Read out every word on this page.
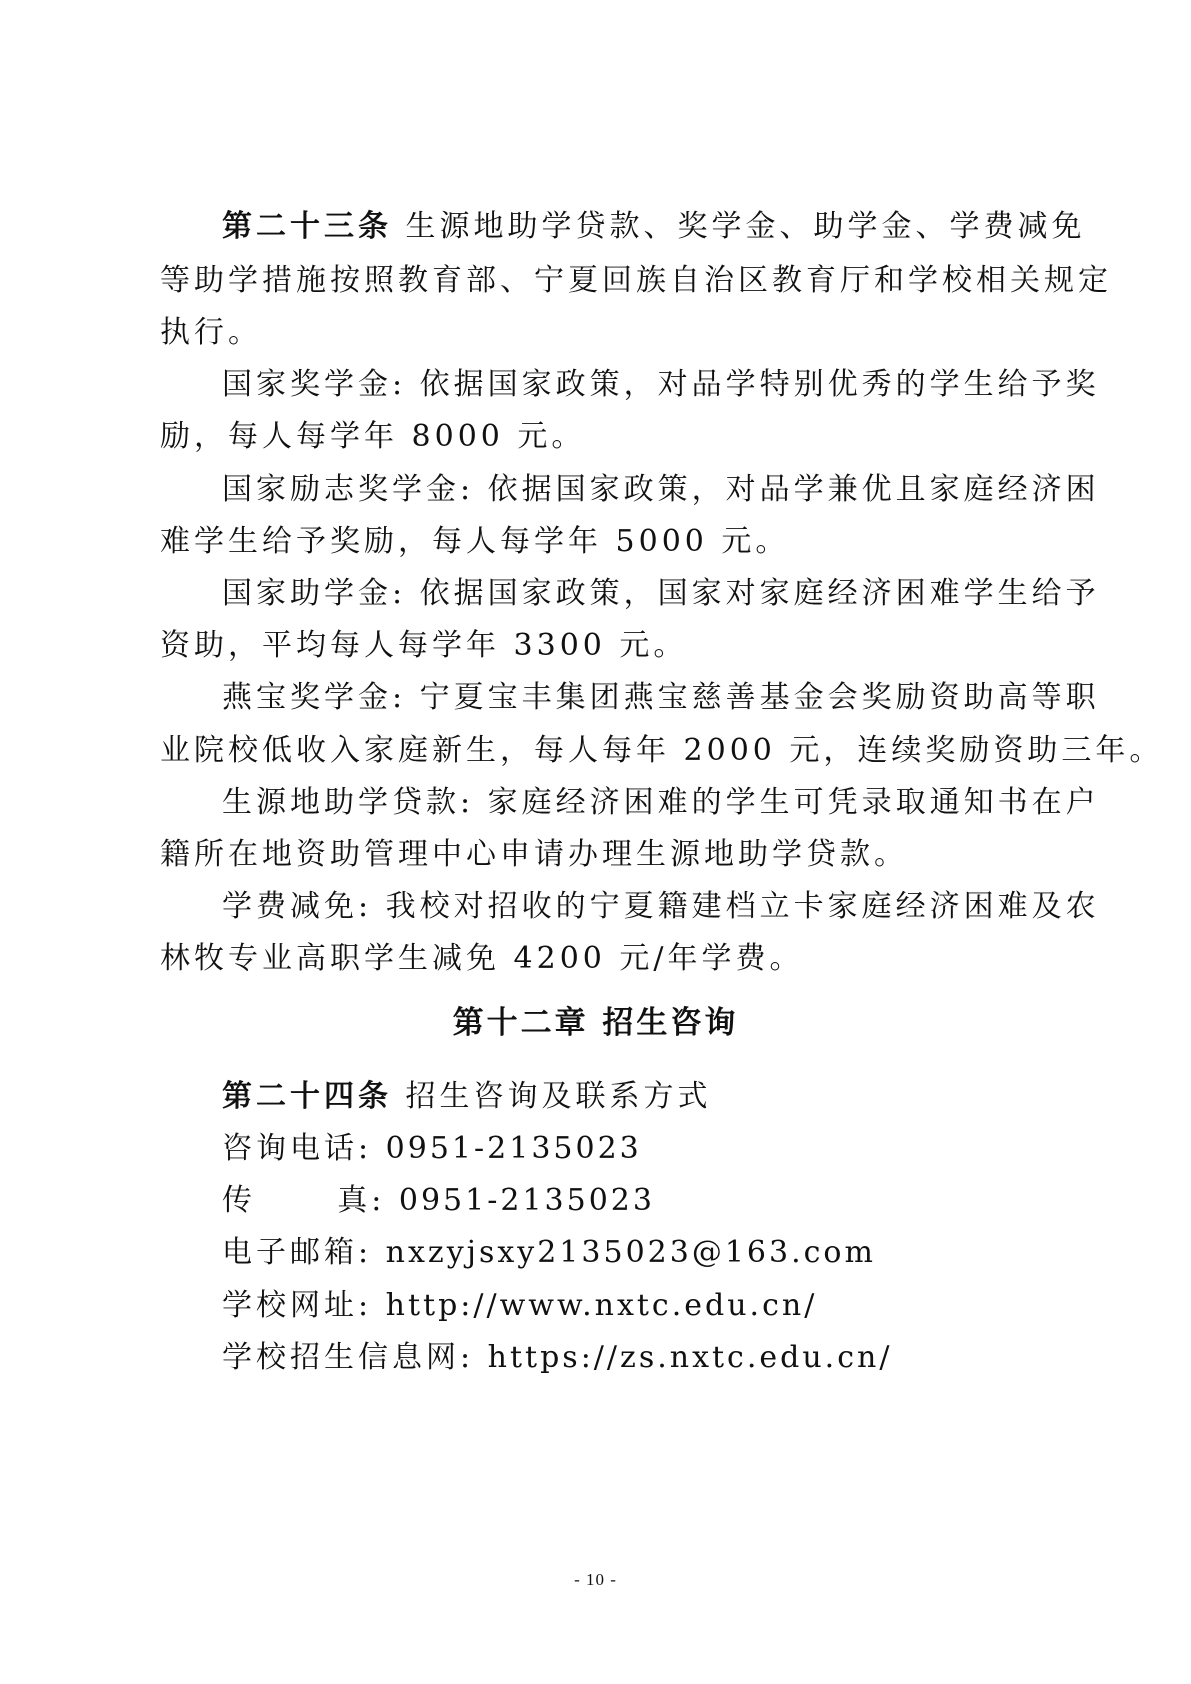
第二十三条 生源地助学贷款、奖学金、助学金、学费减免
等助学措施按照教育部、宁夏回族自治区教育厅和学校相关规定
执行。
国家奖学金: 依据国家政策，对品学特别优秀的学生给予奖
励，每人每学年 8000 元。
国家励志奖学金: 依据国家政策，对品学兼优且家庭经济困
难学生给予奖励，每人每学年 5000 元。
国家助学金: 依据国家政策，国家对家庭经济困难学生给予
资助，平均每人每学年 3300 元。
燕宝奖学金: 宁夏宝丰集团燕宝慈善基金会奖励资助高等职
业院校低收入家庭新生，每人每年 2000 元，连续奖励资助三年。
生源地助学贷款: 家庭经济困难的学生可凭录取通知书在户
籍所在地资助管理中心申请办理生源地助学贷款。
学费减免: 我校对招收的宁夏籍建档立卡家庭经济困难及农
林牧专业高职学生减免 4200 元/年学费。
第十二章 招生咨询
第二十四条 招生咨询及联系方式
咨询电话: 0951-2135023
传      真: 0951-2135023
电子邮箱: nxzyjsxy2135023@163.com
学校网址: http://www.nxtc.edu.cn/
学校招生信息网: https://zs.nxtc.edu.cn/
- 10 -
